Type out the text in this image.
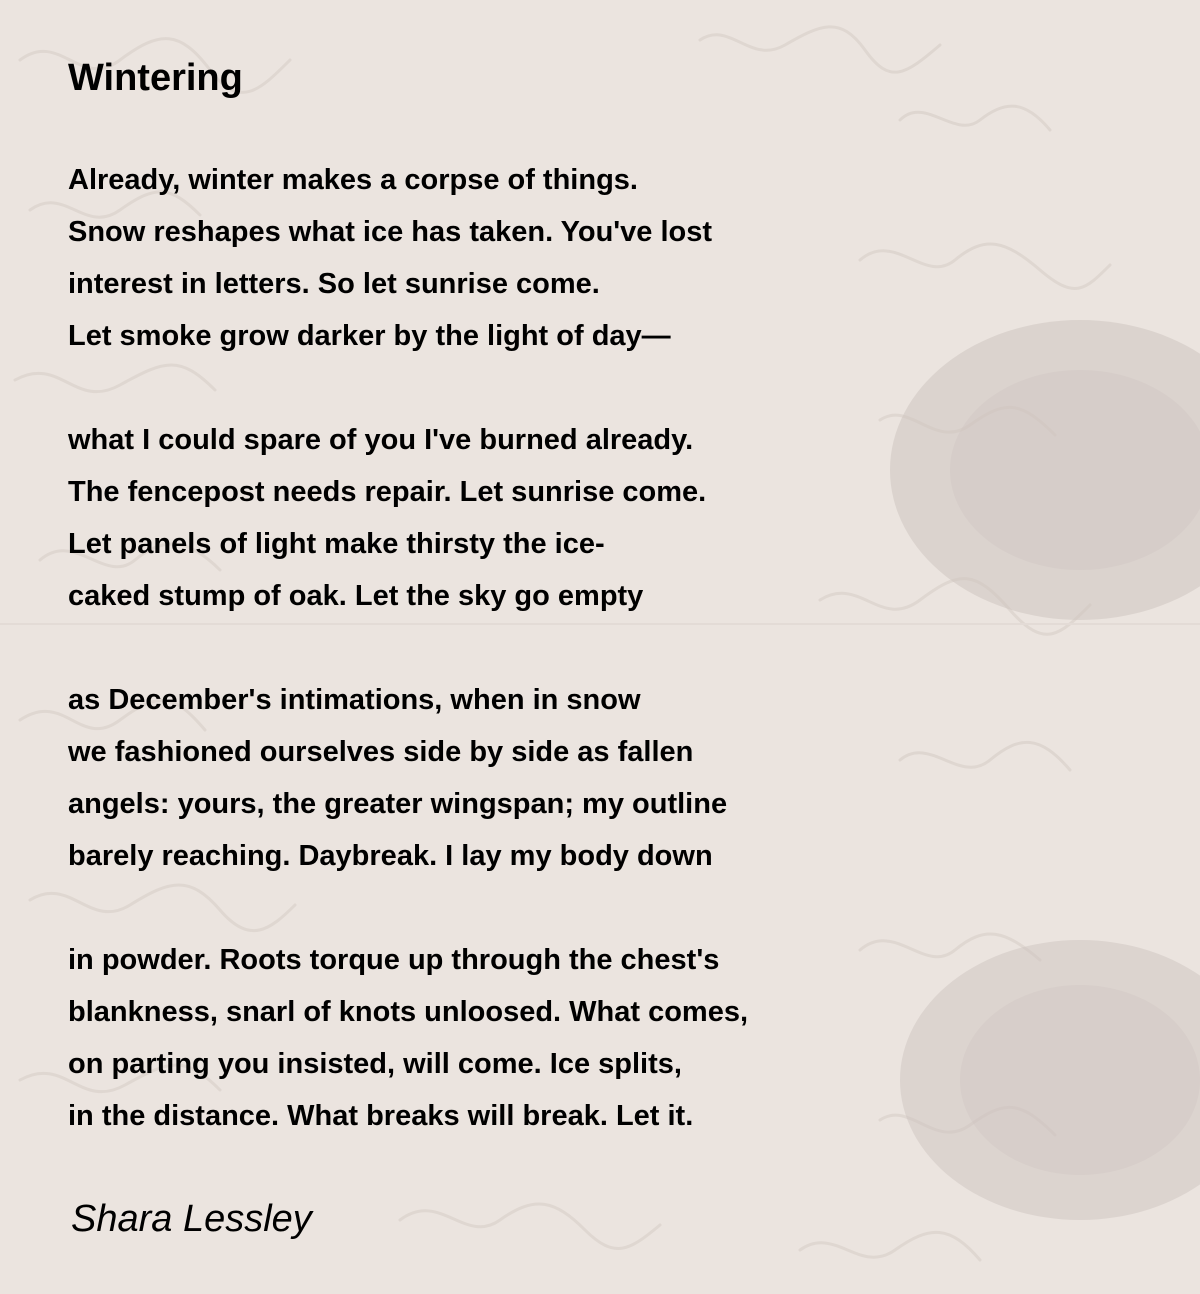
Wintering
Already, winter makes a corpse of things.
Snow reshapes what ice has taken. You've lost
interest in letters. So let sunrise come.
Let smoke grow darker by the light of day—
what I could spare of you I've burned already.
The fencepost needs repair. Let sunrise come.
Let panels of light make thirsty the ice-
caked stump of oak. Let the sky go empty
as December's intimations, when in snow
we fashioned ourselves side by side as fallen
angels: yours, the greater wingspan; my outline
barely reaching. Daybreak. I lay my body down
in powder. Roots torque up through the chest's
blankness, snarl of knots unloosed. What comes,
on parting you insisted, will come. Ice splits,
in the distance. What breaks will break. Let it.
Shara Lessley
